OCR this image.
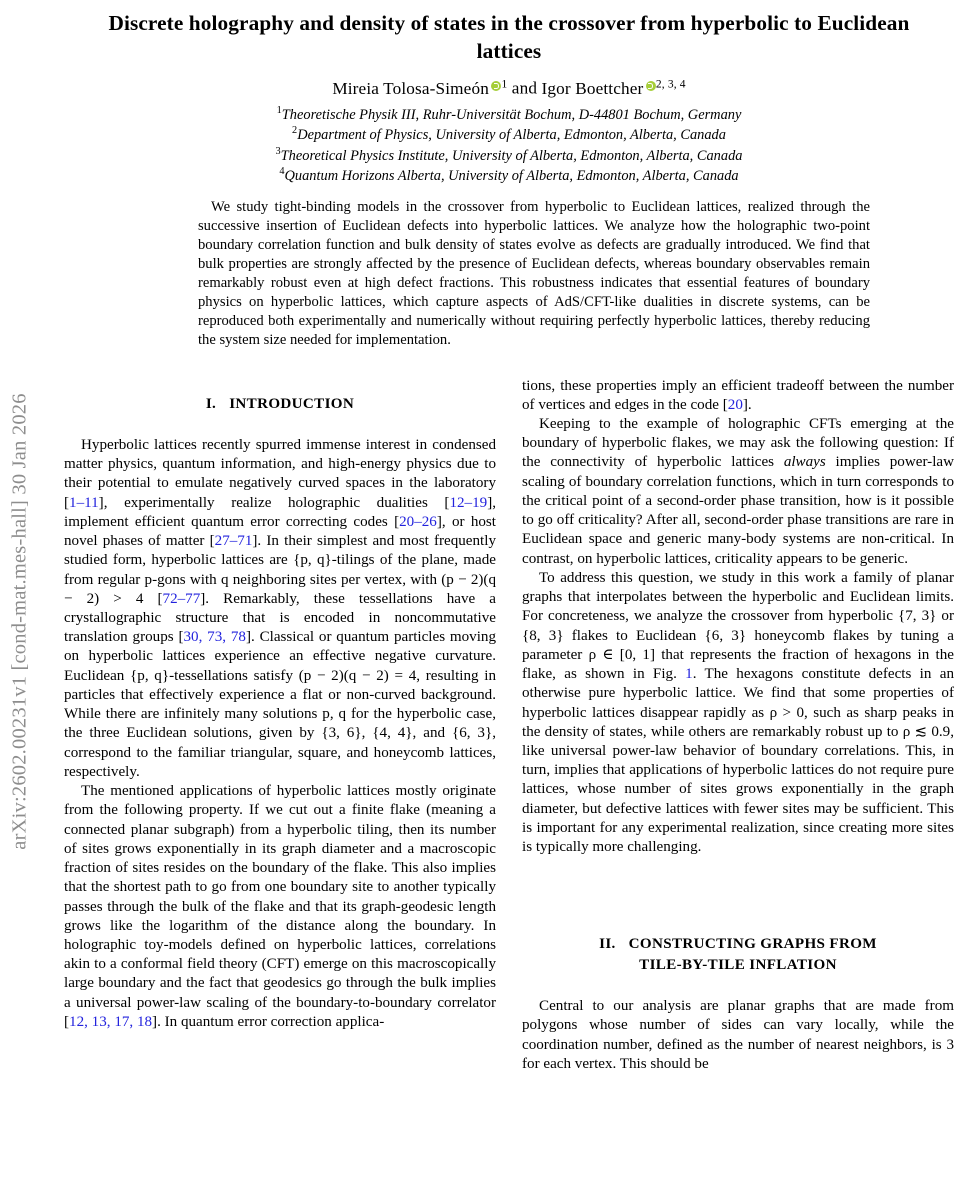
arXiv:2602.00231v1 [cond-mat.mes-hall] 30 Jan 2026
Discrete holography and density of states in the crossover from hyperbolic to Euclidean lattices
Mireia Tolosa-Simeón $^1$ and Igor Boettcher $^{2, 3, 4}$
$^1$Theoretische Physik III, Ruhr-Universität Bochum, D-44801 Bochum, Germany
$^2$Department of Physics, University of Alberta, Edmonton, Alberta, Canada
$^3$Theoretical Physics Institute, University of Alberta, Edmonton, Alberta, Canada
$^4$Quantum Horizons Alberta, University of Alberta, Edmonton, Alberta, Canada
We study tight-binding models in the crossover from hyperbolic to Euclidean lattices, realized through the successive insertion of Euclidean defects into hyperbolic lattices. We analyze how the holographic two-point boundary correlation function and bulk density of states evolve as defects are gradually introduced. We find that bulk properties are strongly affected by the presence of Euclidean defects, whereas boundary observables remain remarkably robust even at high defect fractions. This robustness indicates that essential features of boundary physics on hyperbolic lattices, which capture aspects of AdS/CFT-like dualities in discrete systems, can be reproduced both experimentally and numerically without requiring perfectly hyperbolic lattices, thereby reducing the system size needed for implementation.
I. INTRODUCTION

Hyperbolic lattices recently spurred immense interest in condensed matter physics, quantum information, and high-energy physics due to their potential to emulate negatively curved spaces in the laboratory [1–11], experimentally realize holographic dualities [12–19], implement efficient quantum error correcting codes [20–26], or host novel phases of matter [27–71]. In their simplest and most frequently studied form, hyperbolic lattices are {p, q}-tilings of the plane, made from regular p-gons with q neighboring sites per vertex, with (p − 2)(q − 2) > 4 [72–77]. Remarkably, these tessellations have a crystallographic structure that is encoded in noncommutative translation groups [30, 73, 78]. Classical or quantum particles moving on hyperbolic lattices experience an effective negative curvature. Euclidean {p, q}-tessellations satisfy (p − 2)(q − 2) = 4, resulting in particles that effectively experience a flat or non-curved background. While there are infinitely many solutions p, q for the hyperbolic case, the three Euclidean solutions, given by {3, 6}, {4, 4}, and {6, 3}, correspond to the familiar triangular, square, and honeycomb lattices, respectively.

The mentioned applications of hyperbolic lattices mostly originate from the following property. If we cut out a finite flake (meaning a connected planar subgraph) from a hyperbolic tiling, then its number of sites grows exponentially in its graph diameter and a macroscopic fraction of sites resides on the boundary of the flake. This also implies that the shortest path to go from one boundary site to another typically passes through the bulk of the flake and that its graph-geodesic length grows like the logarithm of the distance along the boundary. In holographic toy-models defined on hyperbolic lattices, correlations akin to a conformal field theory (CFT) emerge on this macroscopically large boundary and the fact that geodesics go through the bulk implies a universal power-law scaling of the boundary-to-boundary correlator [12, 13, 17, 18]. In quantum error correction applica-

tions, these properties imply an efficient tradeoff between the number of vertices and edges in the code [20].

Keeping to the example of holographic CFTs emerging at the boundary of hyperbolic flakes, we may ask the following question: If the connectivity of hyperbolic lattices always implies power-law scaling of boundary correlation functions, which in turn corresponds to the critical point of a second-order phase transition, how is it possible to go off criticality? After all, second-order phase transitions are rare in Euclidean space and generic many-body systems are non-critical. In contrast, on hyperbolic lattices, criticality appears to be generic.

To address this question, we study in this work a family of planar graphs that interpolates between the hyperbolic and Euclidean limits. For concreteness, we analyze the crossover from hyperbolic {7, 3} or {8, 3} flakes to Euclidean {6, 3} honeycomb flakes by tuning a parameter ρ ∈ [0, 1] that represents the fraction of hexagons in the flake, as shown in Fig. 1. The hexagons constitute defects in an otherwise pure hyperbolic lattice. We find that some properties of hyperbolic lattices disappear rapidly as ρ > 0, such as sharp peaks in the density of states, while others are remarkably robust up to ρ ≲ 0.9, like universal power-law behavior of boundary correlations. This, in turn, implies that applications of hyperbolic lattices do not require pure lattices, whose number of sites grows exponentially in the graph diameter, but defective lattices with fewer sites may be sufficient. This is important for any experimental realization, since creating more sites is typically more challenging.

II. CONSTRUCTING GRAPHS FROM
TILE-BY-TILE INFLATION

Central to our analysis are planar graphs that are made from polygons whose number of sides can vary locally, while the coordination number, defined as the number of nearest neighbors, is 3 for each vertex. This should be
